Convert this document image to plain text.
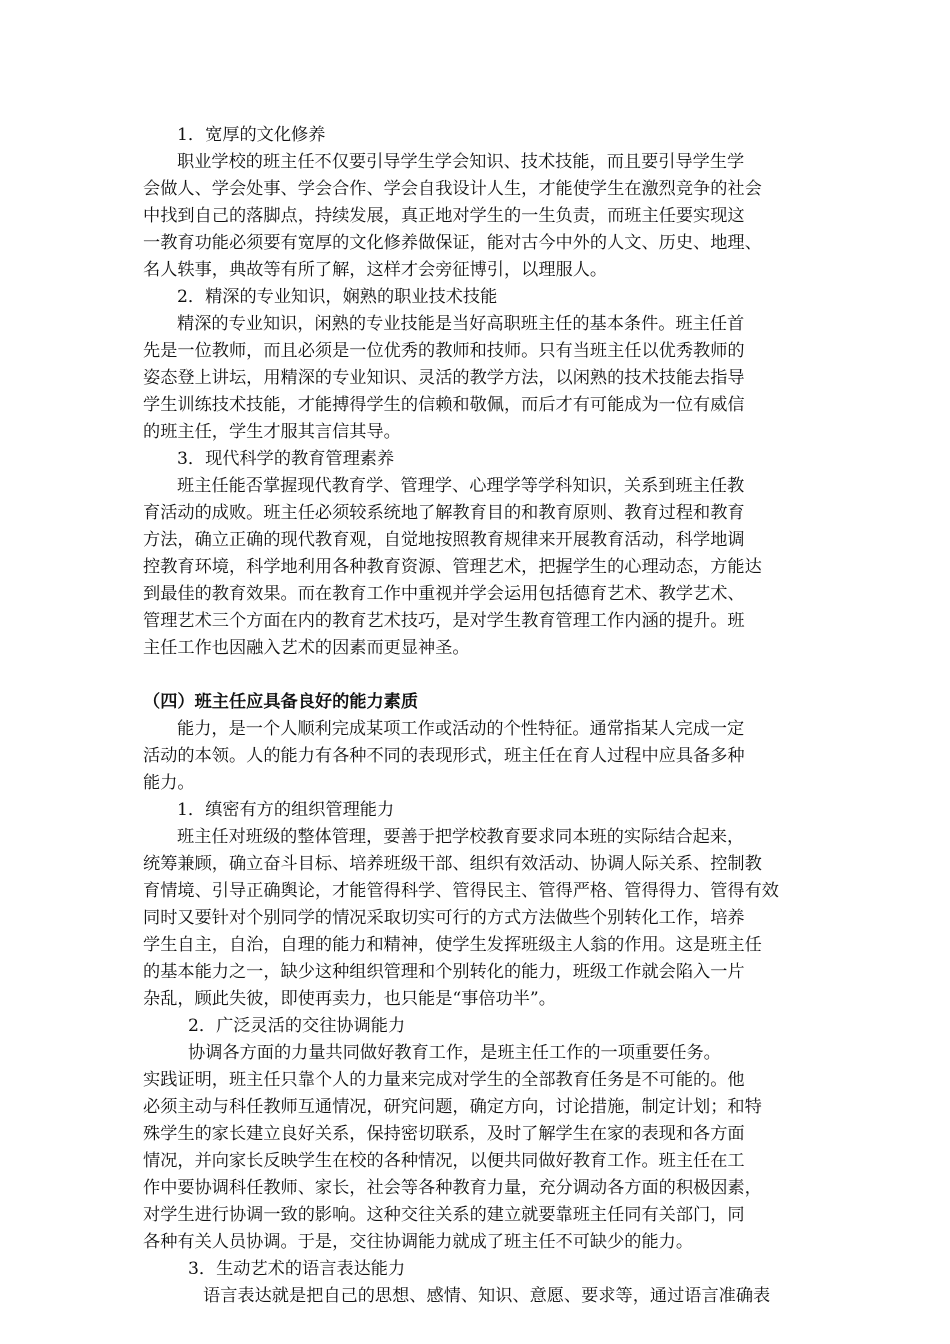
1．宽厚的文化修养
职业学校的班主任不仅要引导学生学会知识、技术技能，而且要引导学生学
会做人、学会处事、学会合作、学会自我设计人生，才能使学生在激烈竞争的社会
中找到自己的落脚点，持续发展，真正地对学生的一生负责，而班主任要实现这
一教育功能必须要有宽厚的文化修养做保证，能对古今中外的人文、历史、地理、
名人轶事，典故等有所了解，这样才会旁征博引，以理服人。
2．精深的专业知识，娴熟的职业技术技能
精深的专业知识，闲熟的专业技能是当好高职班主任的基本条件。班主任首
先是一位教师，而且必须是一位优秀的教师和技师。只有当班主任以优秀教师的
姿态登上讲坛，用精深的专业知识、灵活的教学方法，以闲熟的技术技能去指导
学生训练技术技能，才能搏得学生的信赖和敬佩，而后才有可能成为一位有威信
的班主任，学生才服其言信其导。
3．现代科学的教育管理素养
班主任能否掌握现代教育学、管理学、心理学等学科知识，关系到班主任教
育活动的成败。班主任必须较系统地了解教育目的和教育原则、教育过程和教育
方法，确立正确的现代教育观，自觉地按照教育规律来开展教育活动，科学地调
控教育环境，科学地利用各种教育资源、管理艺术，把握学生的心理动态，方能达
到最佳的教育效果。而在教育工作中重视并学会运用包括德育艺术、教学艺术、
管理艺术三个方面在内的教育艺术技巧，是对学生教育管理工作内涵的提升。班
主任工作也因融入艺术的因素而更显神圣。
（四）班主任应具备良好的能力素质
能力，是一个人顺利完成某项工作或活动的个性特征。通常指某人完成一定
活动的本领。人的能力有各种不同的表现形式，班主任在育人过程中应具备多种
能力。
1．缜密有方的组织管理能力
班主任对班级的整体管理，要善于把学校教育要求同本班的实际结合起来，
统筹兼顾，确立奋斗目标、培养班级干部、组织有效活动、协调人际关系、控制教
育情境、引导正确舆论，才能管得科学、管得民主、管得严格、管得得力、管得有效
同时又要针对个别同学的情况采取切实可行的方式方法做些个别转化工作，培养
学生自主，自治，自理的能力和精神，使学生发挥班级主人翁的作用。这是班主任
的基本能力之一，缺少这种组织管理和个别转化的能力，班级工作就会陷入一片
杂乱，顾此失彼，即使再卖力，也只能是“事倍功半”。
2．广泛灵活的交往协调能力
协调各方面的力量共同做好教育工作，是班主任工作的一项重要任务。
实践证明，班主任只靠个人的力量来完成对学生的全部教育任务是不可能的。他
必须主动与科任教师互通情况，研究问题，确定方向，讨论措施，制定计划；和特
殊学生的家长建立良好关系，保持密切联系，及时了解学生在家的表现和各方面
情况，并向家长反映学生在校的各种情况，以便共同做好教育工作。班主任在工
作中要协调科任教师、家长，社会等各种教育力量，充分调动各方面的积极因素，
对学生进行协调一致的影响。这种交往关系的建立就要靠班主任同有关部门，同
各种有关人员协调。于是，交往协调能力就成了班主任不可缺少的能力。
3．生动艺术的语言表达能力
语言表达就是把自己的思想、感情、知识、意愿、要求等，通过语言准确表
